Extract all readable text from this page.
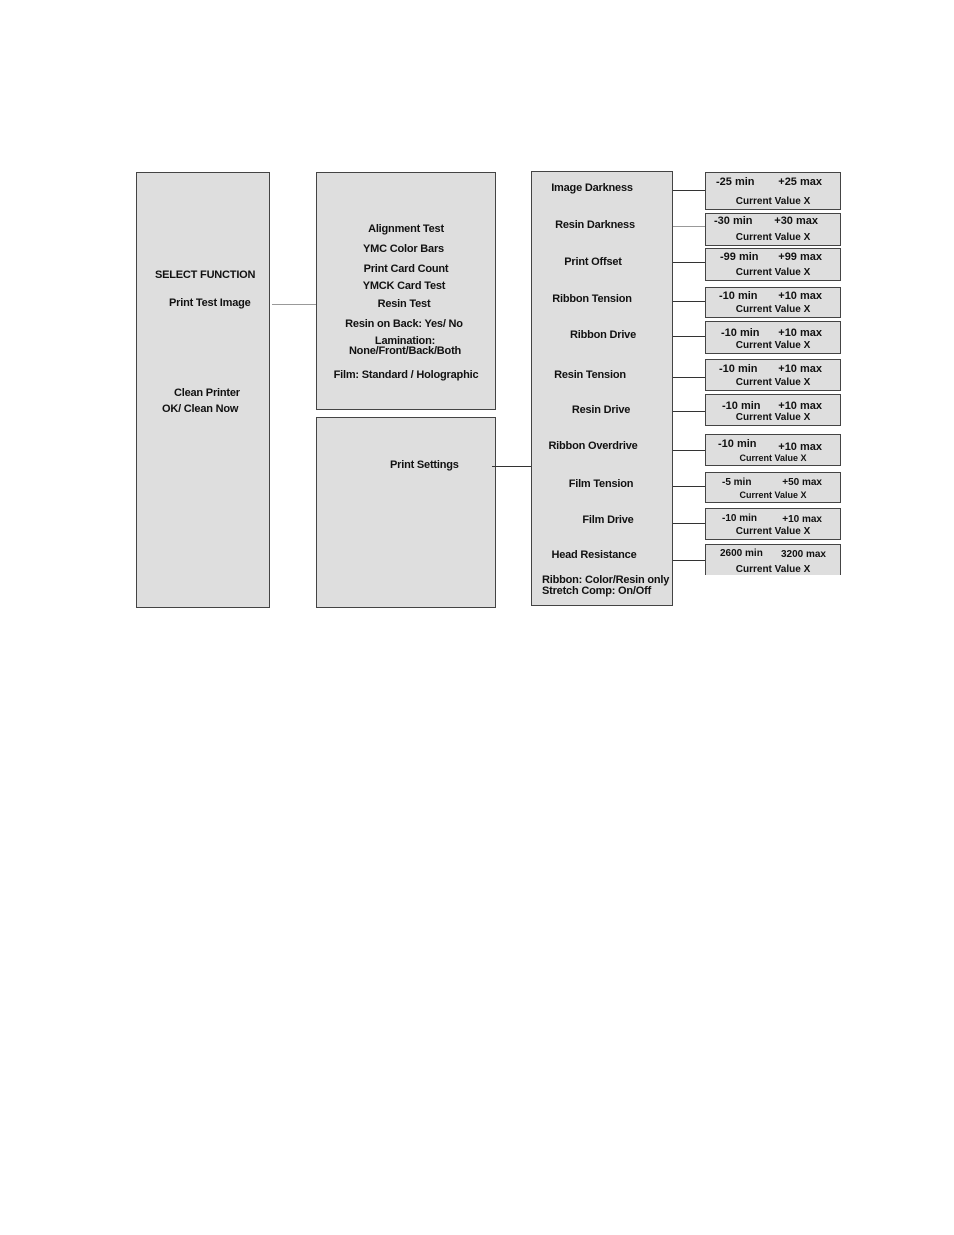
SELECT FUNCTION
Print Test Image
Clean Printer
OK/ Clean Now
Alignment Test
YMC Color Bars
Print Card Count
YMCK Card Test
Resin Test
Resin on Back: Yes/ No
Lamination:
None/Front/Back/Both
Film: Standard / Holographic
Print Settings
Image Darkness
Resin Darkness
Print Offset
Ribbon Tension
Ribbon Drive
Resin Tension
Resin Drive
Ribbon Overdrive
Film Tension
Film Drive
Head Resistance
Ribbon: Color/Resin only
Stretch Comp: On/Off
-25 min +25 max
Current Value X
-30 min +30 max
Current Value X
-99 min +99 max
Current Value X
-10 min +10 max
Current Value X
-10 min +10 max
Current Value X
-10 min +10 max
Current Value X
-10 min +10 max
Current Value X
-10 min +10 max
Current Value X
-5 min	+50 max
Current Value X
-10 min	+10 max
Current Value X
2600 min 3200 max
Current Value X
